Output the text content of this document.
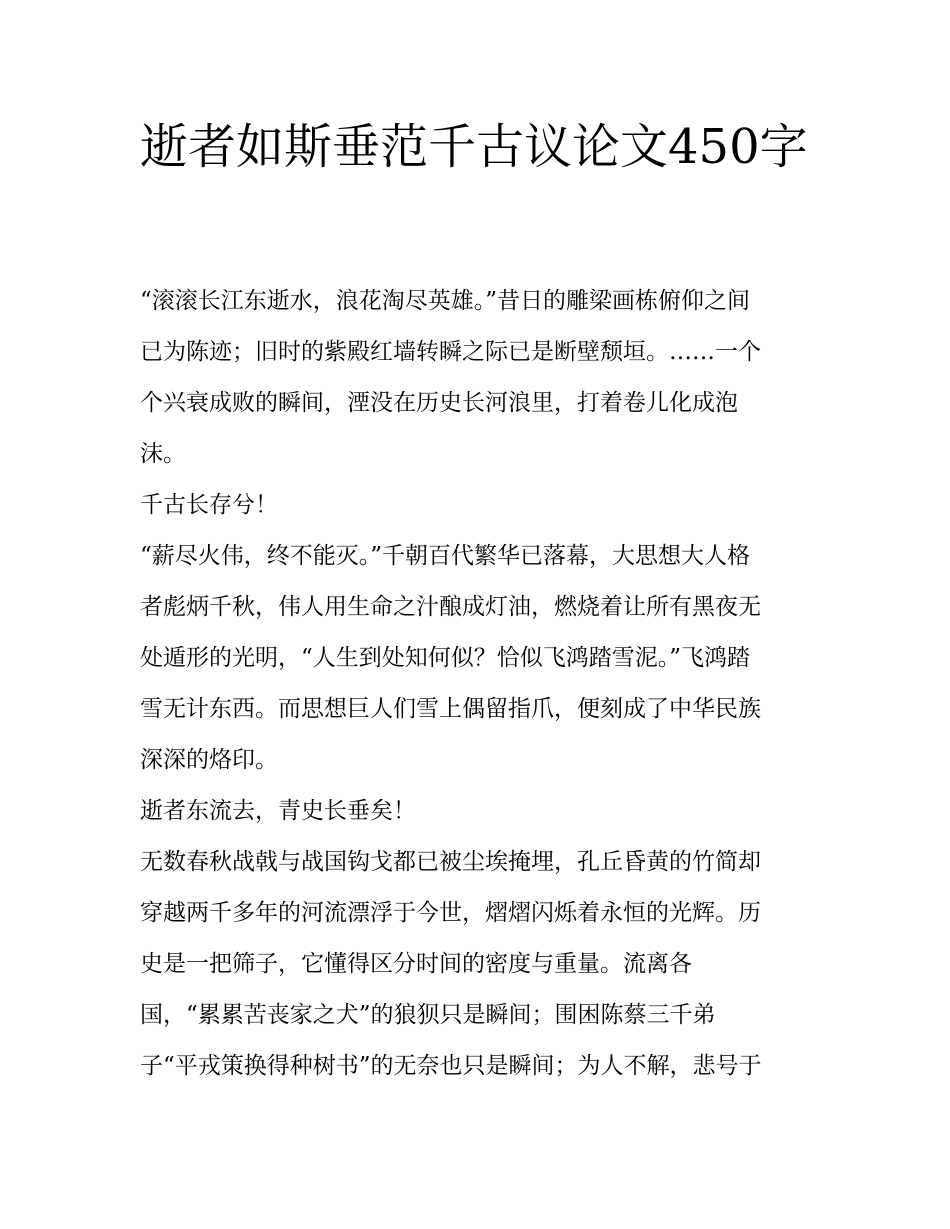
逝者如斯垂范千古议论文450字
“滚滚长江东逝水，浪花淘尽英雄。”昔日的雕梁画栋俯仰之间
已为陈迹；旧时的紫殿红墙转瞬之际已是断壁颓垣。……一个
个兴衰成败的瞬间，湮没在历史长河浪里，打着卷儿化成泡
沫。
千古长存兮！
“薪尽火伟，终不能灭。”千朝百代繁华已落幕，大思想大人格
者彪炳千秋，伟人用生命之汁酿成灯油，燃烧着让所有黑夜无
处遁形的光明，“人生到处知何似？恰似飞鸿踏雪泥。”飞鸿踏
雪无计东西。而思想巨人们雪上偶留指爪，便刻成了中华民族
深深的烙印。
逝者东流去，青史长垂矣！
无数春秋战戟与战国钩戈都已被尘埃掩埋，孔丘昏黄的竹简却
穿越两千多年的河流漂浮于今世，熠熠闪烁着永恒的光辉。历
史是一把筛子，它懂得区分时间的密度与重量。流离各
国，“累累苦丧家之犬”的狼狈只是瞬间；围困陈蔡三千弟
子“平戎策换得种树书”的无奈也只是瞬间；为人不解，悲号于
